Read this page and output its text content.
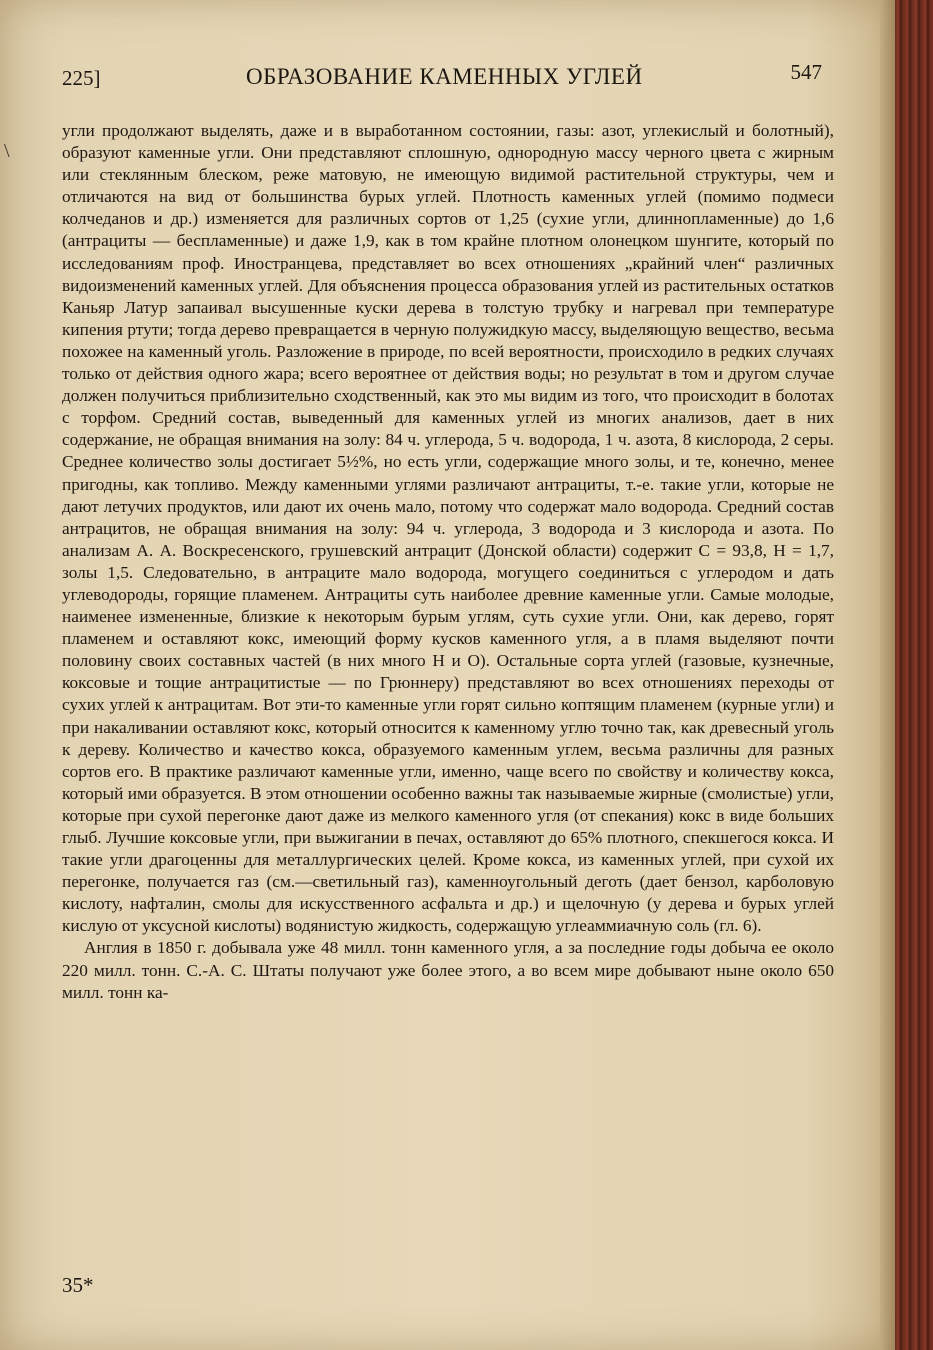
\
225]	ОБРАЗОВАНИЕ КАМЕННЫХ УГЛЕЙ	547

угли продолжают выделять, даже и в выработанном состоянии, газы: азот, углекислый и болотный), образуют каменные угли. Они представляют сплошную, однородную массу черного цвета с жирным или стеклянным блеском, реже матовую, не имеющую видимой растительной структуры, чем и отличаются на вид от большинства бурых углей. Плотность каменных углей (помимо подмеси колчеданов и др.) изменяется для различных сортов от 1,25 (сухие угли, длиннопламенные) до 1,6 (антрациты — беспламенные) и даже 1,9, как в том крайне плотном олонецком шунгите, который по исследованиям проф. Иностранцева, представляет во всех отношениях „крайний член“ различных видоизменений каменных углей. Для объяснения процесса образования углей из растительных остатков Каньяр Латур запаивал высушенные куски дерева в толстую трубку и нагревал при температуре кипения ртути; тогда дерево превращается в черную полужидкую массу, выделяющую вещество, весьма похожее на каменный уголь. Разложение в природе, по всей вероятности, происходило в редких случаях только от действия одного жара; всего вероятнее от действия воды; но результат в том и другом случае должен получиться приблизительно сходственный, как это мы видим из того, что происходит в болотах с торфом. Средний состав, выведенный для каменных углей из многих анализов, дает в них содержание, не обращая внимания на золу: 84 ч. углерода, 5 ч. водорода, 1 ч. азота, 8 кислорода, 2 серы. Среднее количество золы достигает 5½%, но есть угли, содержащие много золы, и те, конечно, менее пригодны, как топливо. Между каменными углями различают антрациты, т.-е. такие угли, которые не дают летучих продуктов, или дают их очень мало, потому что содержат мало водорода. Средний состав антрацитов, не обращая внимания на золу: 94 ч. углерода, 3 водорода и 3 кислорода и азота. По анализам А. А. Воскресенского, грушевский антрацит (Донской области) содержит C = 93,8, H = 1,7, золы 1,5. Следовательно, в антраците мало водорода, могущего соединиться с углеродом и дать углеводороды, горящие пламенем. Антрациты суть наиболее древние каменные угли. Самые молодые, наименее измененные, близкие к некоторым бурым углям, суть сухие угли. Они, как дерево, горят пламенем и оставляют кокс, имеющий форму кусков каменного угля, а в пламя выделяют почти половину своих составных частей (в них много H и O). Остальные сорта углей (газовые, кузнечные, коксовые и тощие антрацитистые — по Грюннеру) представляют во всех отношениях переходы от сухих углей к антрацитам. Вот эти-то каменные угли горят сильно коптящим пламенем (курные угли) и при накаливании оставляют кокс, который относится к каменному углю точно так, как древесный уголь к дереву. Количество и качество кокса, образуемого каменным углем, весьма различны для разных сортов его. В практике различают каменные угли, именно, чаще всего по свойству и количеству кокса, который ими образуется. В этом отношении особенно важны так называемые жирные (смолистые) угли, которые при сухой перегонке дают даже из мелкого каменного угля (от спекания) кокс в виде больших глыб. Лучшие коксовые угли, при выжигании в печах, оставляют до 65% плотного, спекшегося кокса. И такие угли драгоценны для металлургических целей. Кроме кокса, из каменных углей, при сухой их перегонке, получается газ (см.—светильный газ), каменноугольный деготь (дает бензол, карболовую кислоту, нафталин, смолы для искусственного асфальта и др.) и щелочную (у дерева и бурых углей кислую от уксусной кислоты) водянистую жидкость, содержащую углеаммиачную соль (гл. 6).

Англия в 1850 г. добывала уже 48 милл. тонн каменного угля, а за последние годы добыча ее около 220 милл. тонн. С.-А. С. Штаты получают уже более этого, а во всем мире добывают ныне около 650 милл. тонн ка-

35*
